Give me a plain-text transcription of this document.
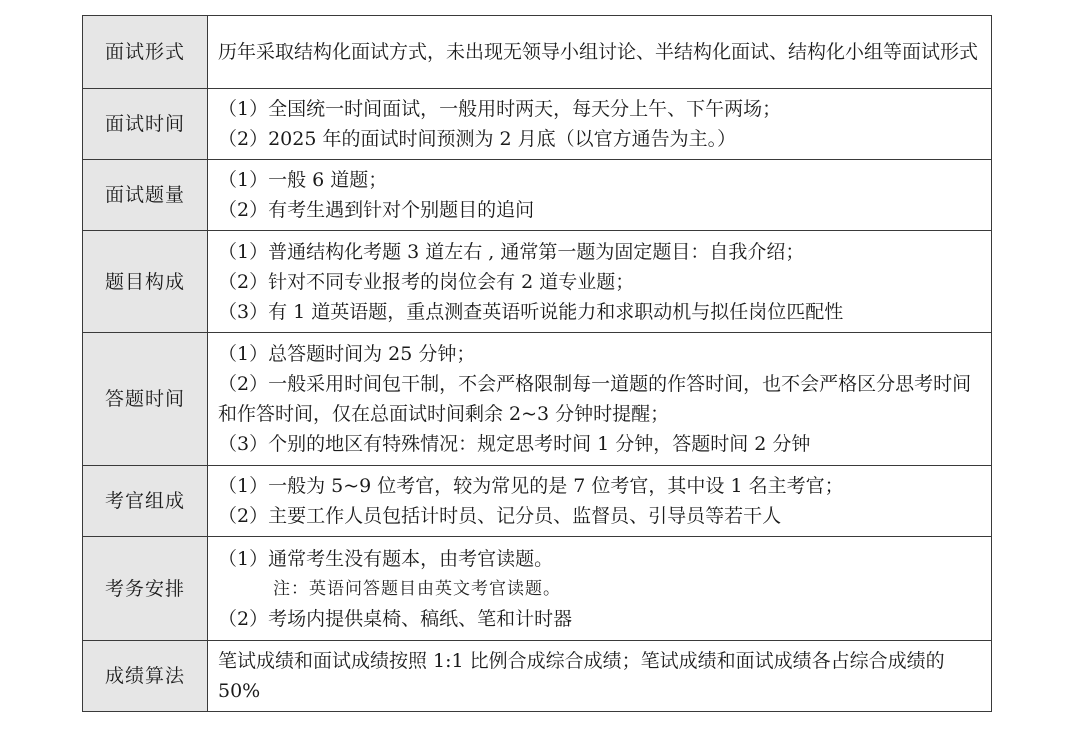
面试形式	历年采取结构化面试方式，未出现无领导小组讨论、半结构化面试、结构化小组等面试形式

面试时间	（1）全国统一时间面试，一般用时两天，每天分上午、下午两场；
（2）2025 年的面试时间预测为 2 月底（以官方通告为主。）

面试题量	（1）一般 6 道题；
（2）有考生遇到针对个别题目的追问

题目构成	（1）普通结构化考题 3 道左右 , 通常第一题为固定题目：自我介绍；
（2）针对不同专业报考的岗位会有 2 道专业题；
（3）有 1 道英语题，重点测查英语听说能力和求职动机与拟任岗位匹配性

答题时间	（1）总答题时间为 25 分钟；
（2）一般采用时间包干制，不会严格限制每一道题的作答时间，也不会严格区分思考时间和作答时间，仅在总面试时间剩余 2~3 分钟时提醒；
（3）个别的地区有特殊情况：规定思考时间 1 分钟，答题时间 2 分钟

考官组成	（1）一般为 5~9 位考官，较为常见的是 7 位考官，其中设 1 名主考官；
（2）主要工作人员包括计时员、记分员、监督员、引导员等若干人

考务安排	（1）通常考生没有题本，由考官读题。
注：英语问答题目由英文考官读题。
（2）考场内提供桌椅、稿纸、笔和计时器

成绩算法	笔试成绩和面试成绩按照 1:1 比例合成综合成绩；笔试成绩和面试成绩各占综合成绩的 50%
